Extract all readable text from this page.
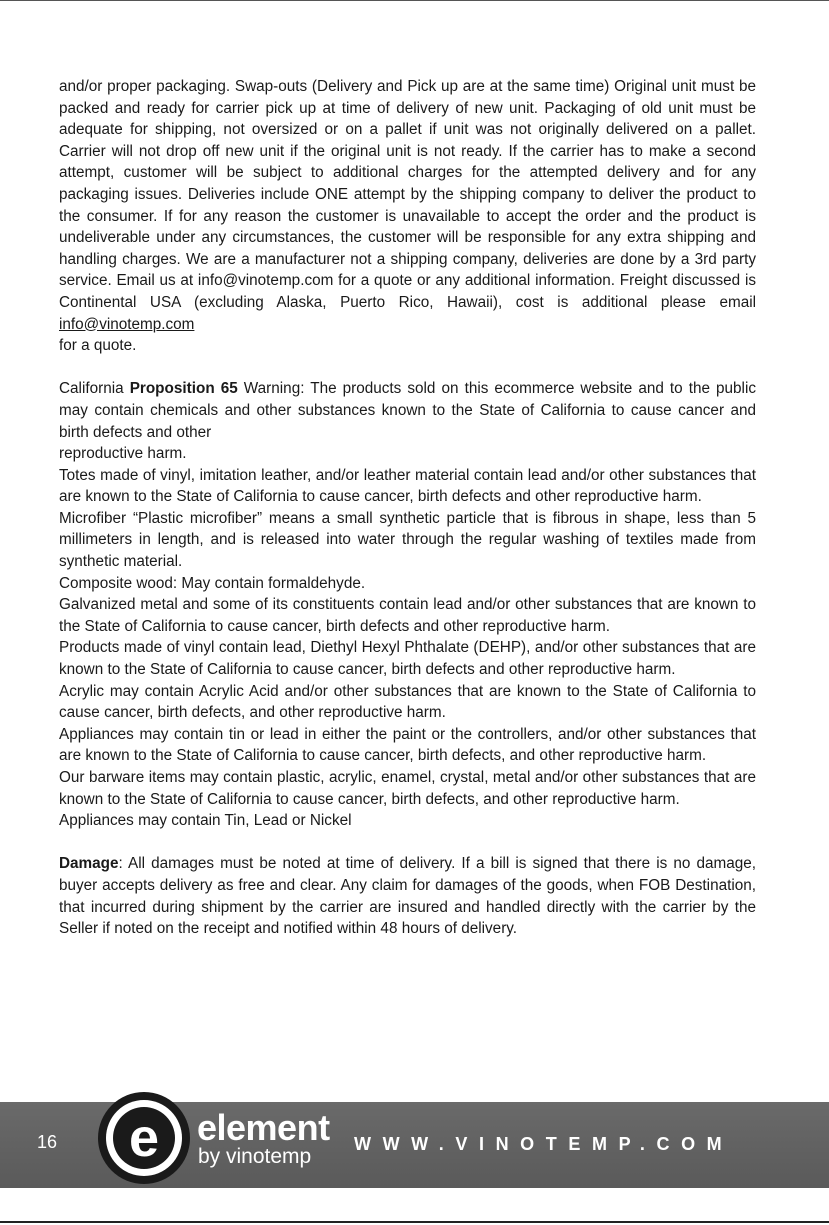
and/or proper packaging. Swap-outs (Delivery and Pick up are at the same time) Original unit must be packed and ready for carrier pick up at time of delivery of new unit. Packaging of old unit must be adequate for shipping, not oversized or on a pallet if unit was not originally delivered on a pallet. Carrier will not drop off new unit if the original unit is not ready. If the carrier has to make a second attempt, customer will be subject to additional charges for the attempted delivery and for any packaging issues. Deliveries include ONE attempt by the shipping company to deliver the product to the consumer. If for any reason the customer is unavailable to accept the order and the product is undeliverable under any circumstances, the customer will be responsible for any extra shipping and handling charges. We are a manufacturer not a shipping company, deliveries are done by a 3rd party service. Email us at info@vinotemp.com for a quote or any additional information. Freight discussed is Continental USA (excluding Alaska, Puerto Rico, Hawaii), cost is additional please email info@vinotemp.com
for a quote.

California Proposition 65 Warning: The products sold on this ecommerce website and to the public may contain chemicals and other substances known to the State of California to cause cancer and birth defects and other

reproductive harm.

Totes made of vinyl, imitation leather, and/or leather material contain lead and/or other substances that are known to the State of California to cause cancer, birth defects and other reproductive harm.

Microfiber “Plastic microfiber” means a small synthetic particle that is fibrous in shape, less than 5 millimeters in length, and is released into water through the regular washing of textiles made from synthetic material.

Composite wood: May contain formaldehyde.

Galvanized metal and some of its constituents contain lead and/or other substances that are known to the State of California to cause cancer, birth defects and other reproductive harm.

Products made of vinyl contain lead, Diethyl Hexyl Phthalate (DEHP), and/or other substances that are known to the State of California to cause cancer, birth defects and other reproductive harm.

Acrylic may contain Acrylic Acid and/or other substances that are known to the State of California to cause cancer, birth defects, and other reproductive harm.

Appliances may contain tin or lead in either the paint or the controllers, and/or other substances that are known to the State of California to cause cancer, birth defects, and other reproductive harm.

Our barware items may contain plastic, acrylic, enamel, crystal, metal and/or other substances that are known to the State of California to cause cancer, birth defects, and other reproductive harm.

Appliances may contain Tin, Lead or Nickel

Damage: All damages must be noted at time of delivery. If a bill is signed that there is no damage, buyer accepts delivery as free and clear. Any claim for damages of the goods, when FOB Destination, that incurred during shipment by the carrier are insured and handled directly with the carrier by the Seller if noted on the receipt and notified within 48 hours of delivery.

16 e element
by vinotemp
WWW.VINOTEMP.COM
